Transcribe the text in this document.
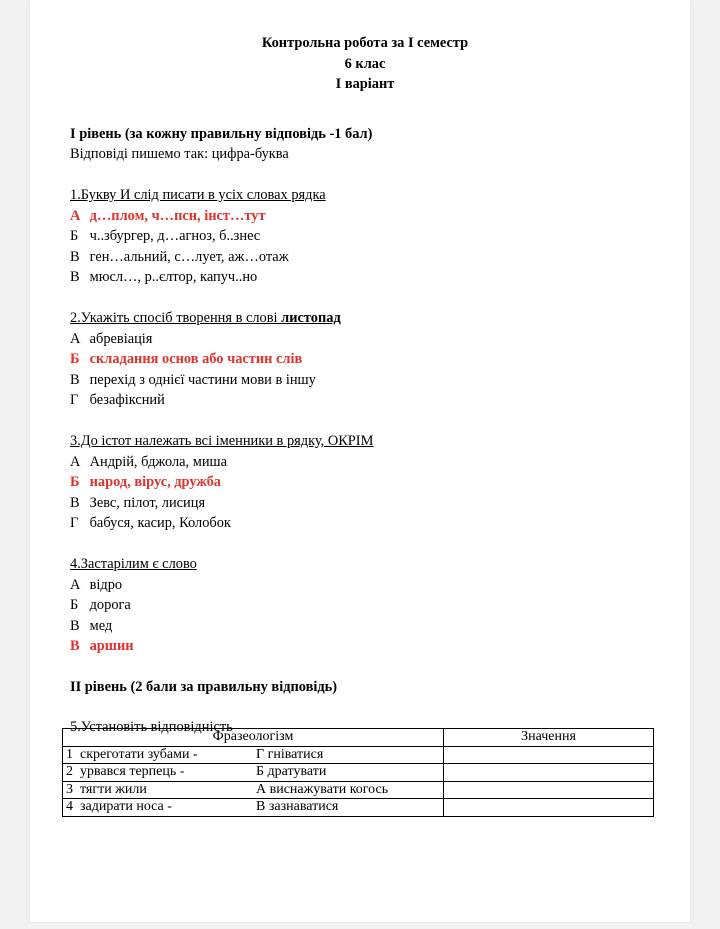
Контрольна робота за І семестр
6 клас
І варіант
І рівень (за кожну правильну відповідь -1 бал)
Відповіді пишемо так: цифра-буква
1.Букву И слід писати в усіх словах рядка
А д…плом, ч…псн, інст…тут
Б ч..збургер, д…агноз, б..знес
В ген…альний, с…лует, аж…отаж
В мюсл…, р..єлтор, капуч..но
2.Укажіть спосіб творення в слові листопад
А абревіація
Б складання основ або частин слів
В перехід з однієї частини мови в іншу
Г безафіксний
3.До істот належать всі іменники в рядку, ОКРІМ
А Андрій, бджола, миша
Б народ, вірус, дружба
В Зевс, пілот, лисиця
Г бабуся, касир, Колобок
4.Застарілим є слово
А відро
Б дорога
В мед
В аршин
ІІ рівень (2 бали за правильну відповідь)
5.Установіть відповідність
Фразеологізм	Значення
1 скреготати зубами - Г гніватися	
2 урвався терпець - Б дратувати	
3 тягти жили А виснажувати когось	
4 задирати носа - В зазнаватися	
